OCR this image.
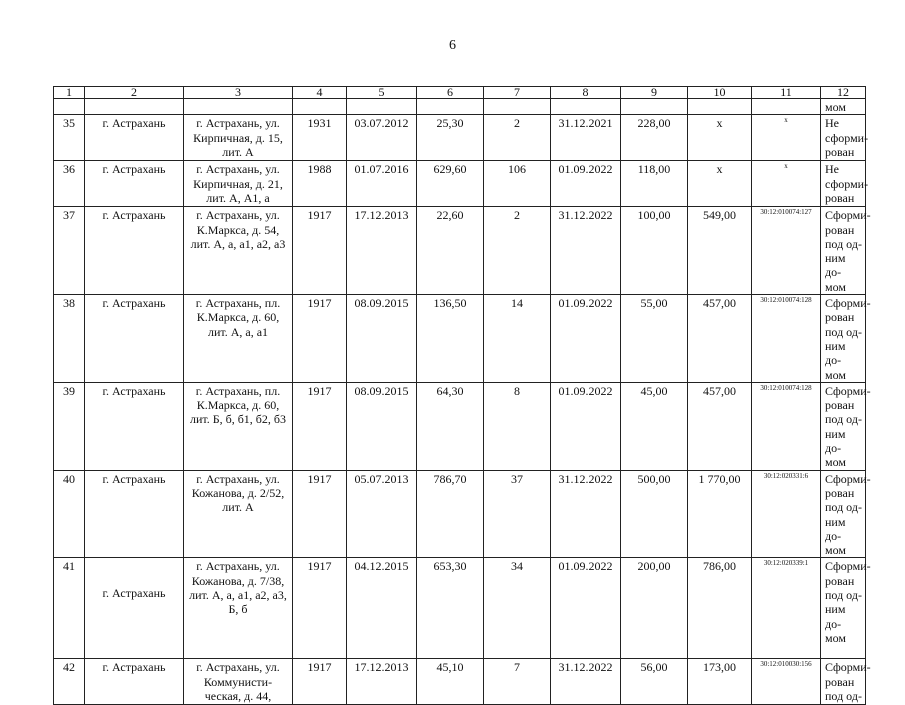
6
1	2	3	4	5	6	7	8	9	10	11	12
											мом
35	г. Астрахань	г. Астрахань, ул. Кирпичная, д. 15, лит. А	1931	03.07.2012	25,30	2	31.12.2021	228,00	х	х	Не
сформи-
рован
36	г. Астрахань	г. Астрахань, ул. Кирпичная, д. 21, лит. А, А1, а	1988	01.07.2016	629,60	106	01.09.2022	118,00	х	х	Не
сформи-
рован
37	г. Астрахань	г. Астрахань, ул. К.Маркса, д. 54, лит. А, а, а1, а2, а3	1917	17.12.2013	22,60	2	31.12.2022	100,00	549,00	30:12:010074:127	Сформи-
рован
под од-
ним до-
мом
38	г. Астрахань	г. Астрахань, пл. К.Маркса, д. 60, лит. А, а, а1	1917	08.09.2015	136,50	14	01.09.2022	55,00	457,00	30:12:010074:128	Сформи-
рован
под од-
ним до-
мом
39	г. Астрахань	г. Астрахань, пл. К.Маркса, д. 60, лит. Б, б, б1, б2, б3	1917	08.09.2015	64,30	8	01.09.2022	45,00	457,00	30:12:010074:128	Сформи-
рован
под од-
ним до-
мом
40	г. Астрахань	г. Астрахань, ул. Кожанова, д. 2/52, лит. А	1917	05.07.2013	786,70	37	31.12.2022	500,00	1 770,00	30:12:020331:6	Сформи-
рован
под од-
ним до-
мом
41	г. Астрахань	г. Астрахань, ул. Кожанова, д. 7/38, лит. А, а, а1, а2, а3, Б, б	1917	04.12.2015	653,30	34	01.09.2022	200,00	786,00	30:12:020339:1	Сформи-
рован
под од-
ним до-
мом
42	г. Астрахань	г. Астрахань, ул. Коммунисти-ческая, д. 44,	1917	17.12.2013	45,10	7	31.12.2022	56,00	173,00	30:12:010030:156	Сформи-
рован
под од-
